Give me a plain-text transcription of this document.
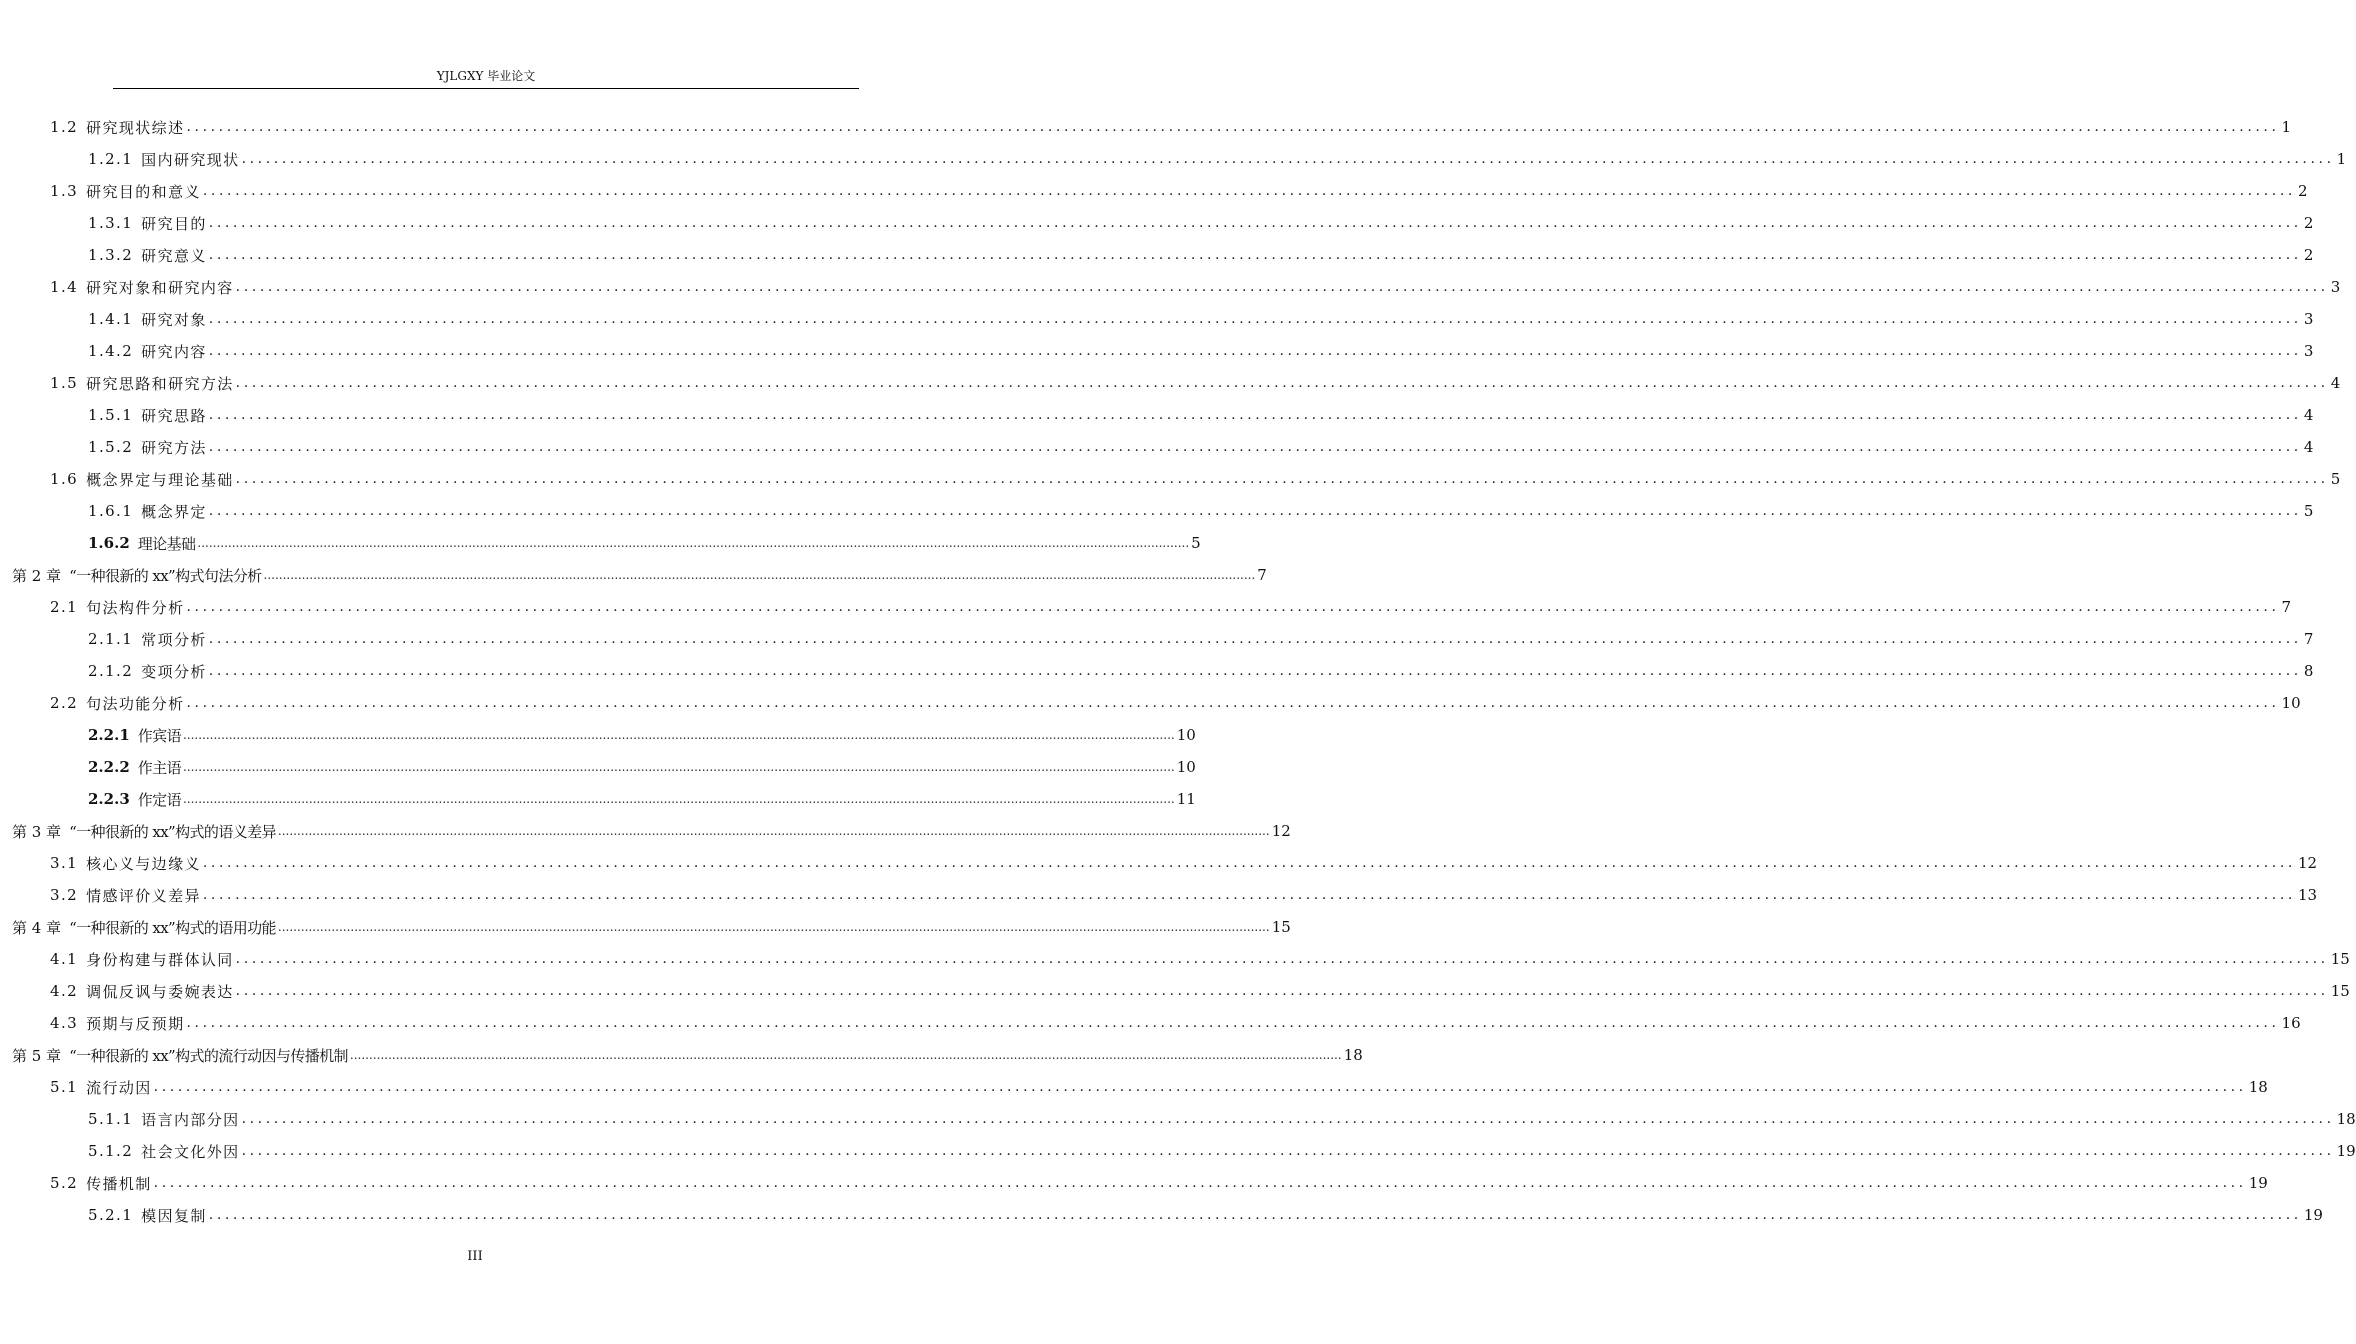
YJLGXY 毕业论文
1.2 研究现状综述 .................................................................................................................................................................................................................................................................... 1
1.2.1 国内研究现状 .................................................................................................................................................................................................................................................................... 1
1.3 研究目的和意义 .................................................................................................................................................................................................................................................................... 2
1.3.1 研究目的 .................................................................................................................................................................................................................................................................... 2
1.3.2 研究意义 .................................................................................................................................................................................................................................................................... 2
1.4 研究对象和研究内容 .................................................................................................................................................................................................................................................................... 3
1.4.1 研究对象 .................................................................................................................................................................................................................................................................... 3
1.4.2 研究内容 .................................................................................................................................................................................................................................................................... 3
1.5 研究思路和研究方法 .................................................................................................................................................................................................................................................................... 4
1.5.1 研究思路 .................................................................................................................................................................................................................................................................... 4
1.5.2 研究方法 .................................................................................................................................................................................................................................................................... 4
1.6 概念界定与理论基础 .................................................................................................................................................................................................................................................................... 5
1.6.1 概念界定 .................................................................................................................................................................................................................................................................... 5
1.6.2 理论基础 .................................................................................................................................................................................................................................................................... 5
第 2 章 “一种很新的 xx”构式句法分析 .................................................................................................................................................................................................................................................................... 7
2.1 句法构件分析 .................................................................................................................................................................................................................................................................... 7
2.1.1 常项分析 .................................................................................................................................................................................................................................................................... 7
2.1.2 变项分析 .................................................................................................................................................................................................................................................................... 8
2.2 句法功能分析 .................................................................................................................................................................................................................................................................... 10
2.2.1 作宾语 .................................................................................................................................................................................................................................................................... 10
2.2.2 作主语 .................................................................................................................................................................................................................................................................... 10
2.2.3 作定语 .................................................................................................................................................................................................................................................................... 11
第 3 章 “一种很新的 xx”构式的语义差异 .................................................................................................................................................................................................................................................................... 12
3.1 核心义与边缘义 .................................................................................................................................................................................................................................................................... 12
3.2 情感评价义差异 .................................................................................................................................................................................................................................................................... 13
第 4 章 “一种很新的 xx”构式的语用功能 .................................................................................................................................................................................................................................................................... 15
4.1 身份构建与群体认同 .................................................................................................................................................................................................................................................................... 15
4.2 调侃反讽与委婉表达 .................................................................................................................................................................................................................................................................... 15
4.3 预期与反预期 .................................................................................................................................................................................................................................................................... 16
第 5 章 “一种很新的 xx”构式的流行动因与传播机制 .................................................................................................................................................................................................................................................................... 18
5.1 流行动因 .................................................................................................................................................................................................................................................................... 18
5.1.1 语言内部分因 .................................................................................................................................................................................................................................................................... 18
5.1.2 社会文化外因 .................................................................................................................................................................................................................................................................... 19
5.2 传播机制 .................................................................................................................................................................................................................................................................... 19
5.2.1 模因复制 .................................................................................................................................................................................................................................................................... 19
III
